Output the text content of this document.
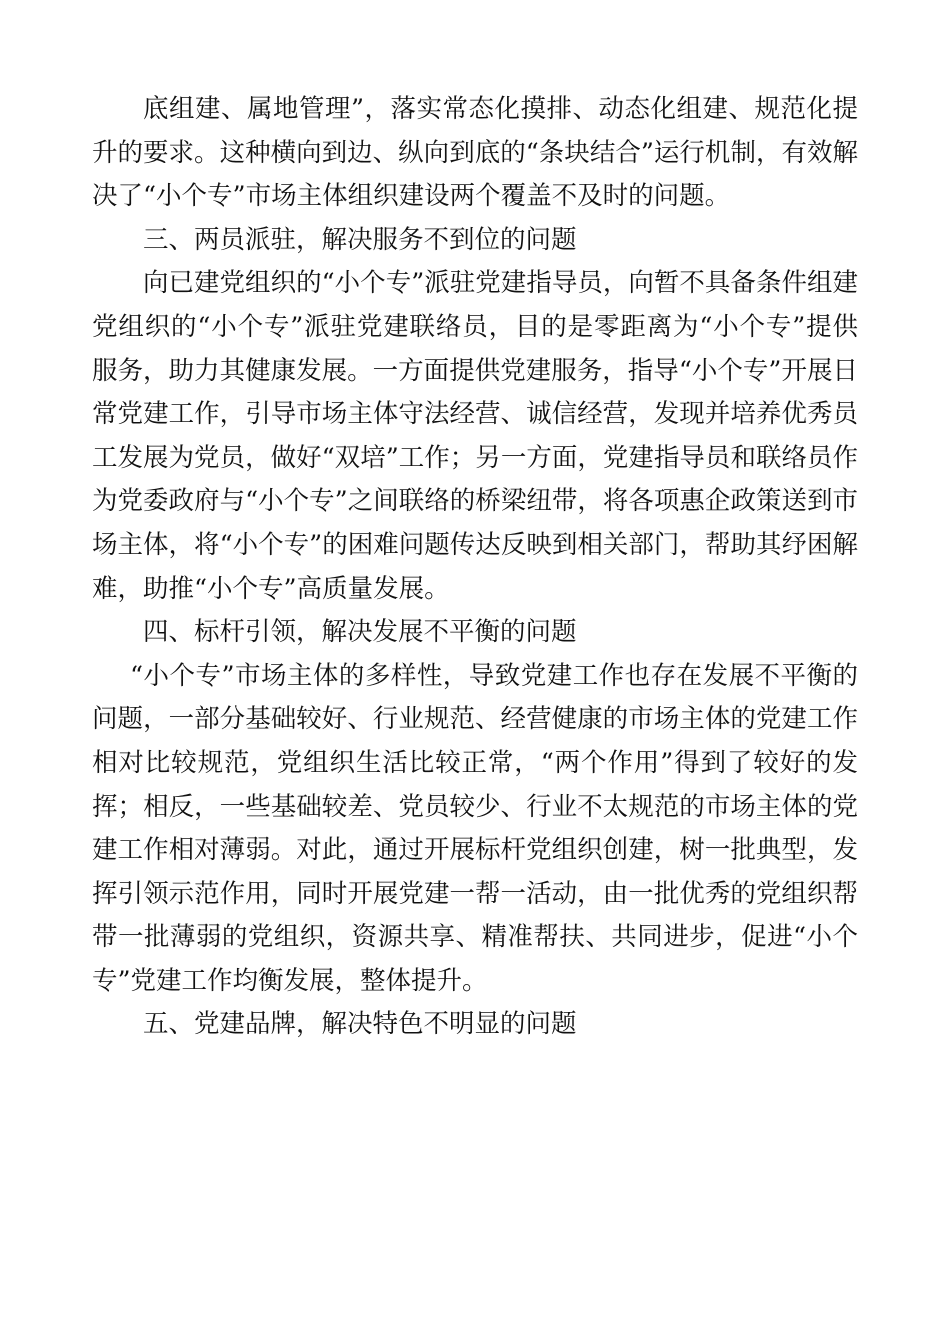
底组建、属地管理”，落实常态化摸排、动态化组建、规范化提升的要求。这种横向到边、纵向到底的“条块结合”运行机制，有效解决了“小个专”市场主体组织建设两个覆盖不及时的问题。

三、两员派驻，解决服务不到位的问题

向已建党组织的“小个专”派驻党建指导员，向暂不具备条件组建党组织的“小个专”派驻党建联络员，目的是零距离为“小个专”提供服务，助力其健康发展。一方面提供党建服务，指导“小个专”开展日常党建工作，引导市场主体守法经营、诚信经营，发现并培养优秀员工发展为党员，做好“双培”工作；另一方面，党建指导员和联络员作为党委政府与“小个专”之间联络的桥梁纽带，将各项惠企政策送到市场主体，将“小个专”的困难问题传达反映到相关部门，帮助其纾困解难，助推“小个专”高质量发展。

四、标杆引领，解决发展不平衡的问题

“小个专”市场主体的多样性，导致党建工作也存在发展不平衡的问题，一部分基础较好、行业规范、经营健康的市场主体的党建工作相对比较规范，党组织生活比较正常，“两个作用”得到了较好的发挥；相反，一些基础较差、党员较少、行业不太规范的市场主体的党建工作相对薄弱。对此，通过开展标杆党组织创建，树一批典型，发挥引领示范作用，同时开展党建一帮一活动，由一批优秀的党组织帮带一批薄弱的党组织，资源共享、精准帮扶、共同进步，促进“小个专”党建工作均衡发展，整体提升。

五、党建品牌，解决特色不明显的问题
